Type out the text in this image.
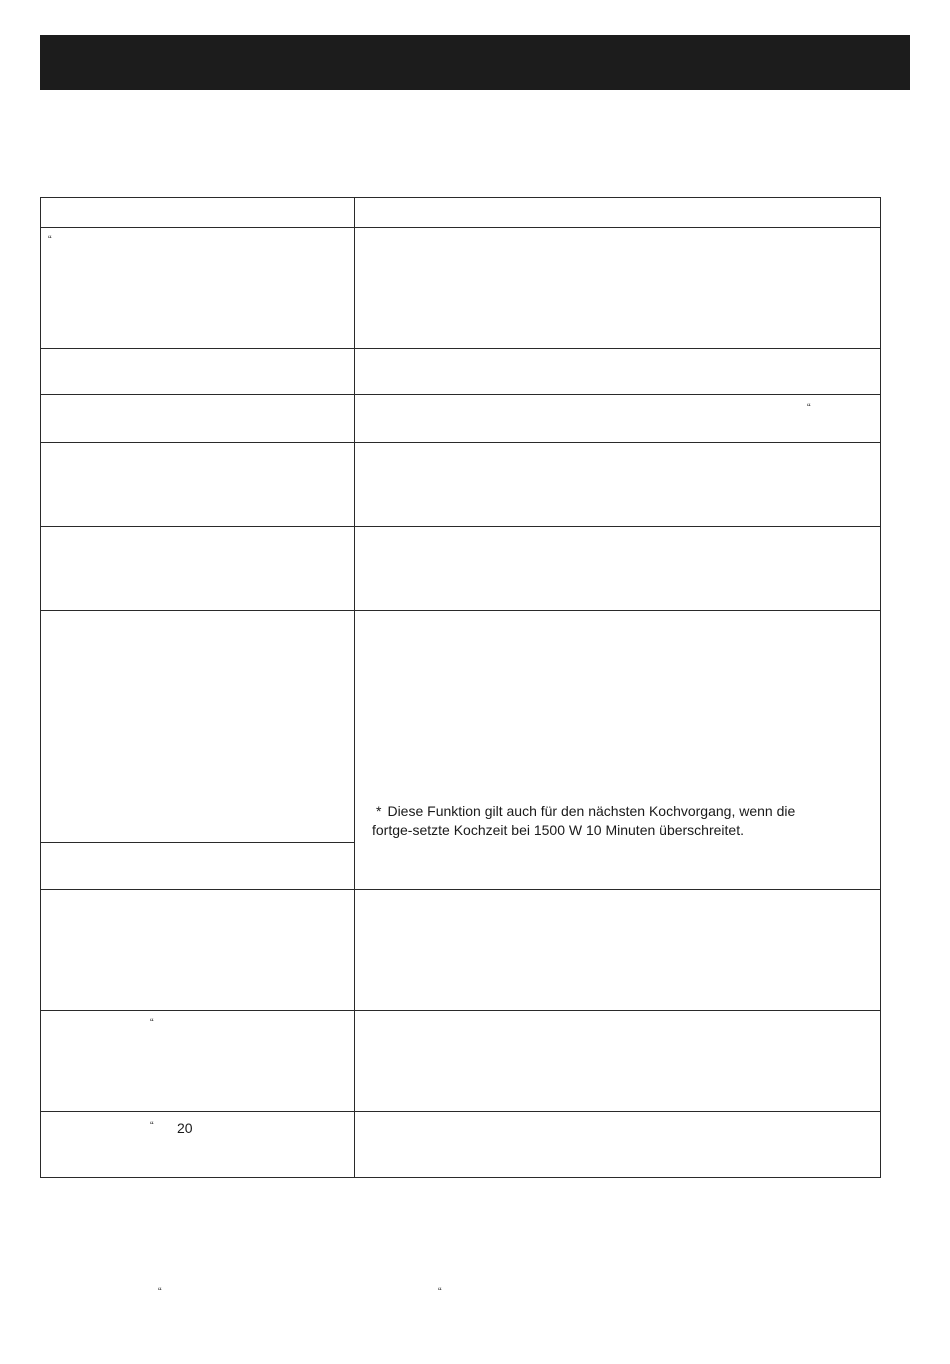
“
“
“
“ 20
“	“
* Diese Funktion gilt auch für den nächsten Kochvorgang, wenn die
fortge-setzte Kochzeit bei 1500 W 10 Minuten überschreitet.
